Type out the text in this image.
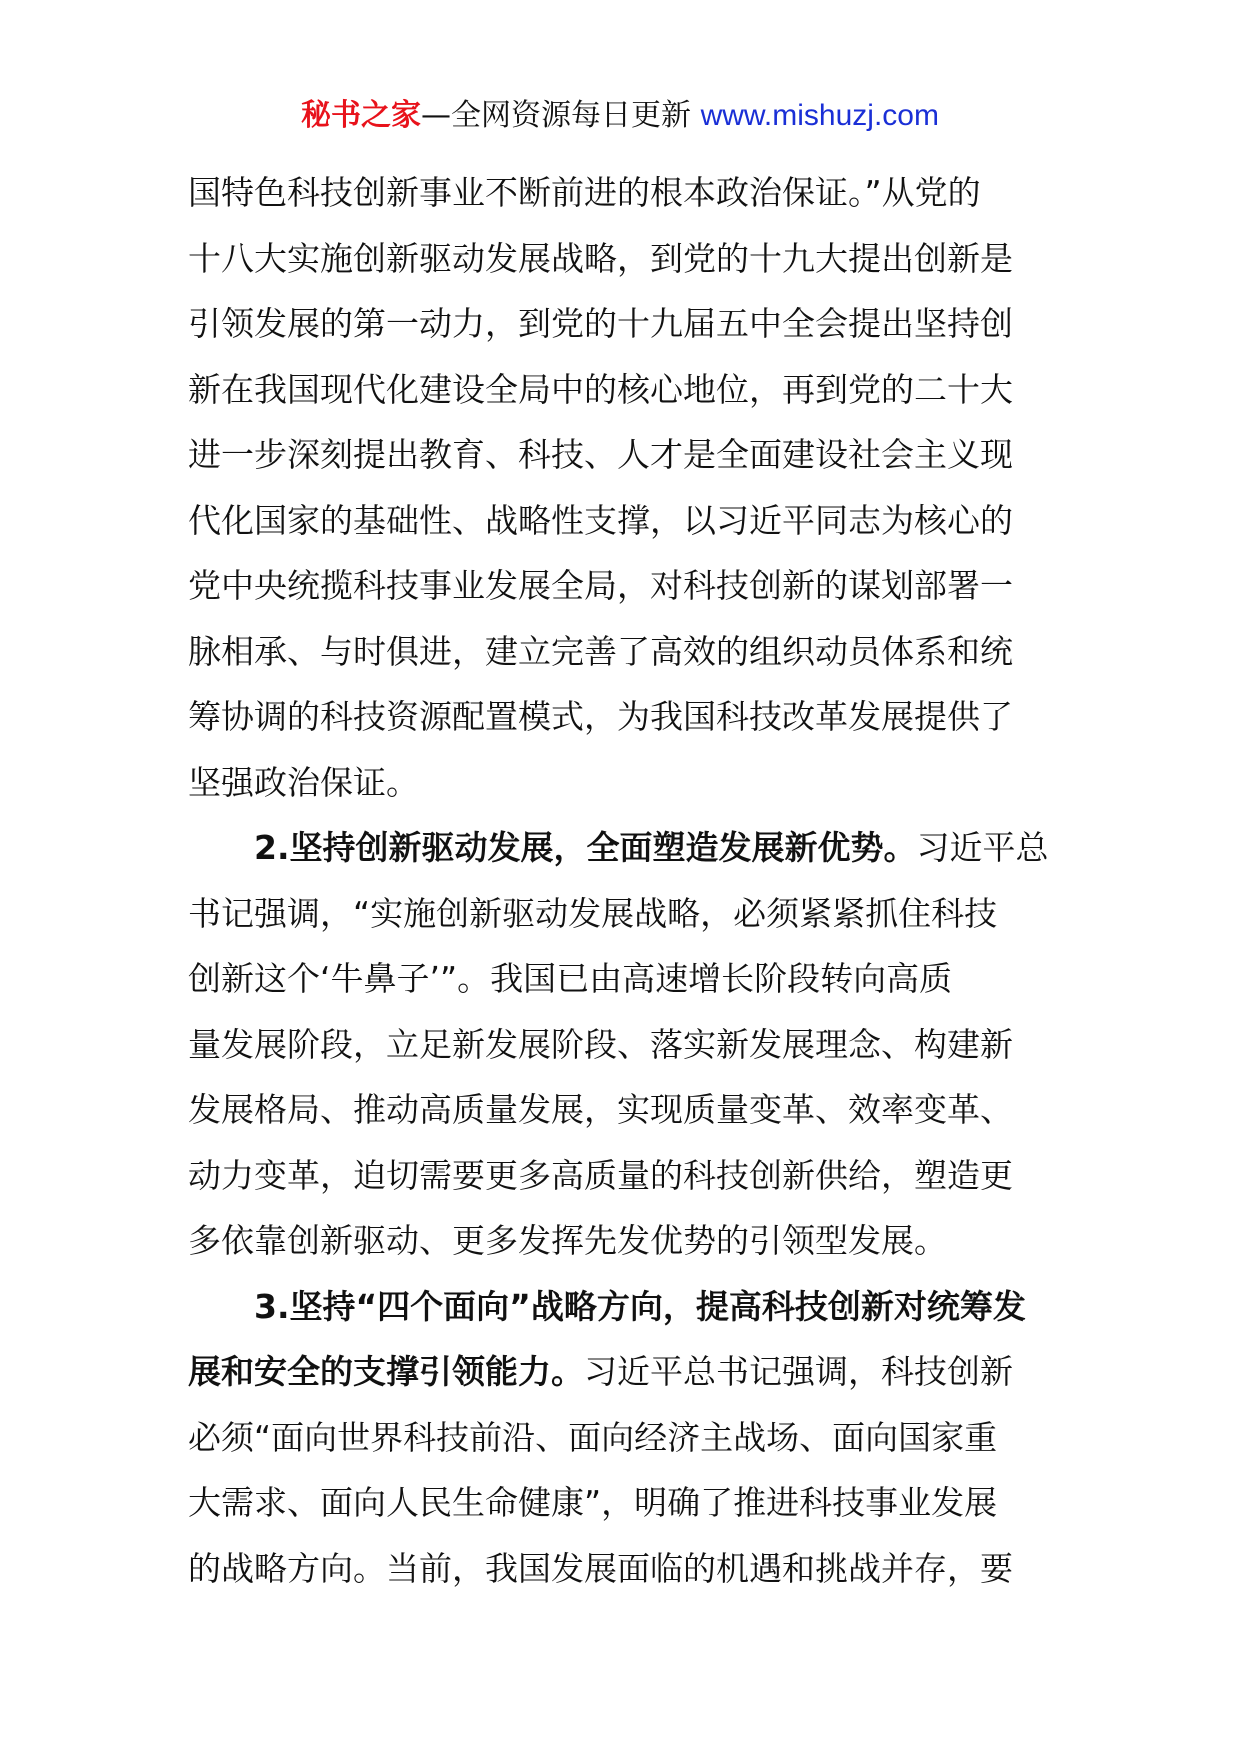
秘书之家—全网资源每日更新 www.mishuzj.com
国特色科技创新事业不断前进的根本政治保证。”从党的
十八大实施创新驱动发展战略，到党的十九大提出创新是
引领发展的第一动力，到党的十九届五中全会提出坚持创
新在我国现代化建设全局中的核心地位，再到党的二十大
进一步深刻提出教育、科技、人才是全面建设社会主义现
代化国家的基础性、战略性支撑，以习近平同志为核心的
党中央统揽科技事业发展全局，对科技创新的谋划部署一
脉相承、与时俱进，建立完善了高效的组织动员体系和统
筹协调的科技资源配置模式，为我国科技改革发展提供了
坚强政治保证。
2.坚持创新驱动发展，全面塑造发展新优势。习近平总
书记强调，“实施创新驱动发展战略，必须紧紧抓住科技
创新这个‘牛鼻子’”。我国已由高速增长阶段转向高质
量发展阶段，立足新发展阶段、落实新发展理念、构建新
发展格局、推动高质量发展，实现质量变革、效率变革、
动力变革，迫切需要更多高质量的科技创新供给，塑造更
多依靠创新驱动、更多发挥先发优势的引领型发展。
3.坚持“四个面向”战略方向，提高科技创新对统筹发
展和安全的支撑引领能力。习近平总书记强调，科技创新
必须“面向世界科技前沿、面向经济主战场、面向国家重
大需求、面向人民生命健康”，明确了推进科技事业发展
的战略方向。当前，我国发展面临的机遇和挑战并存，要
